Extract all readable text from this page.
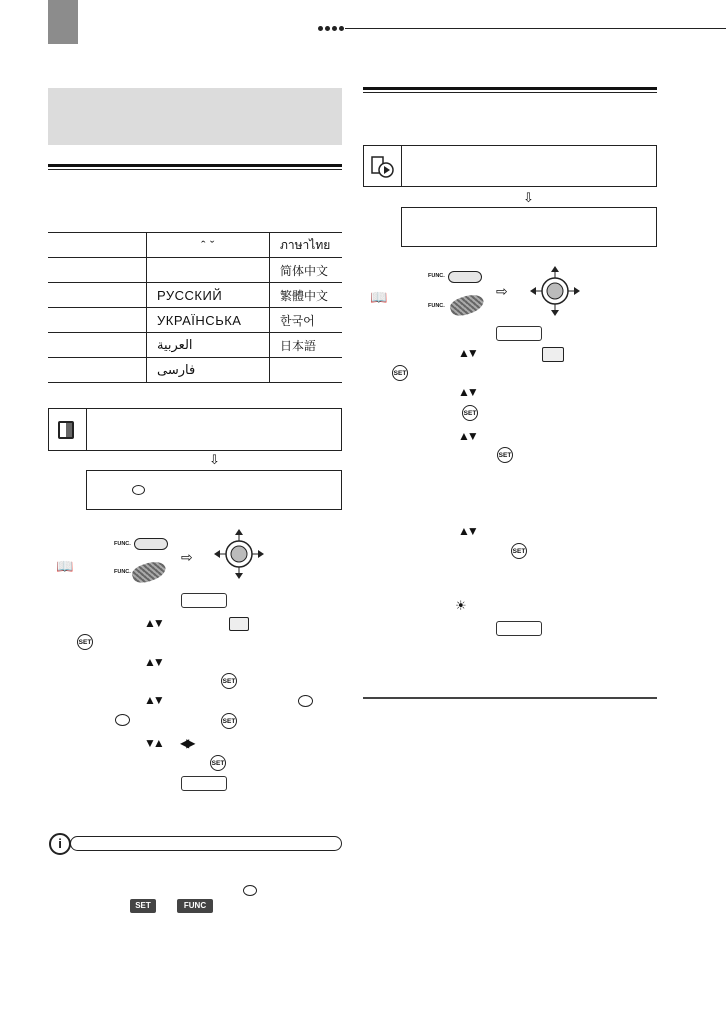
	ˆ ˇ	ภาษาไทย
		简体中文
	РУССКИЙ	繁體中文
	УКРАЇНСЬКА	한국어
	العربية	日本語
	فارسی	
⇩
📖
FUNC.
FUNC.
⇨
▲▼
SET
▲▼
SET
▲▼
SET
▼▲ ◀▶
SET
i
SET	FUNC
⇩
📖
FUNC.
FUNC.
⇨
▲▼
SET
▲▼
SET
▲▼
SET
▲▼
SET
☀
